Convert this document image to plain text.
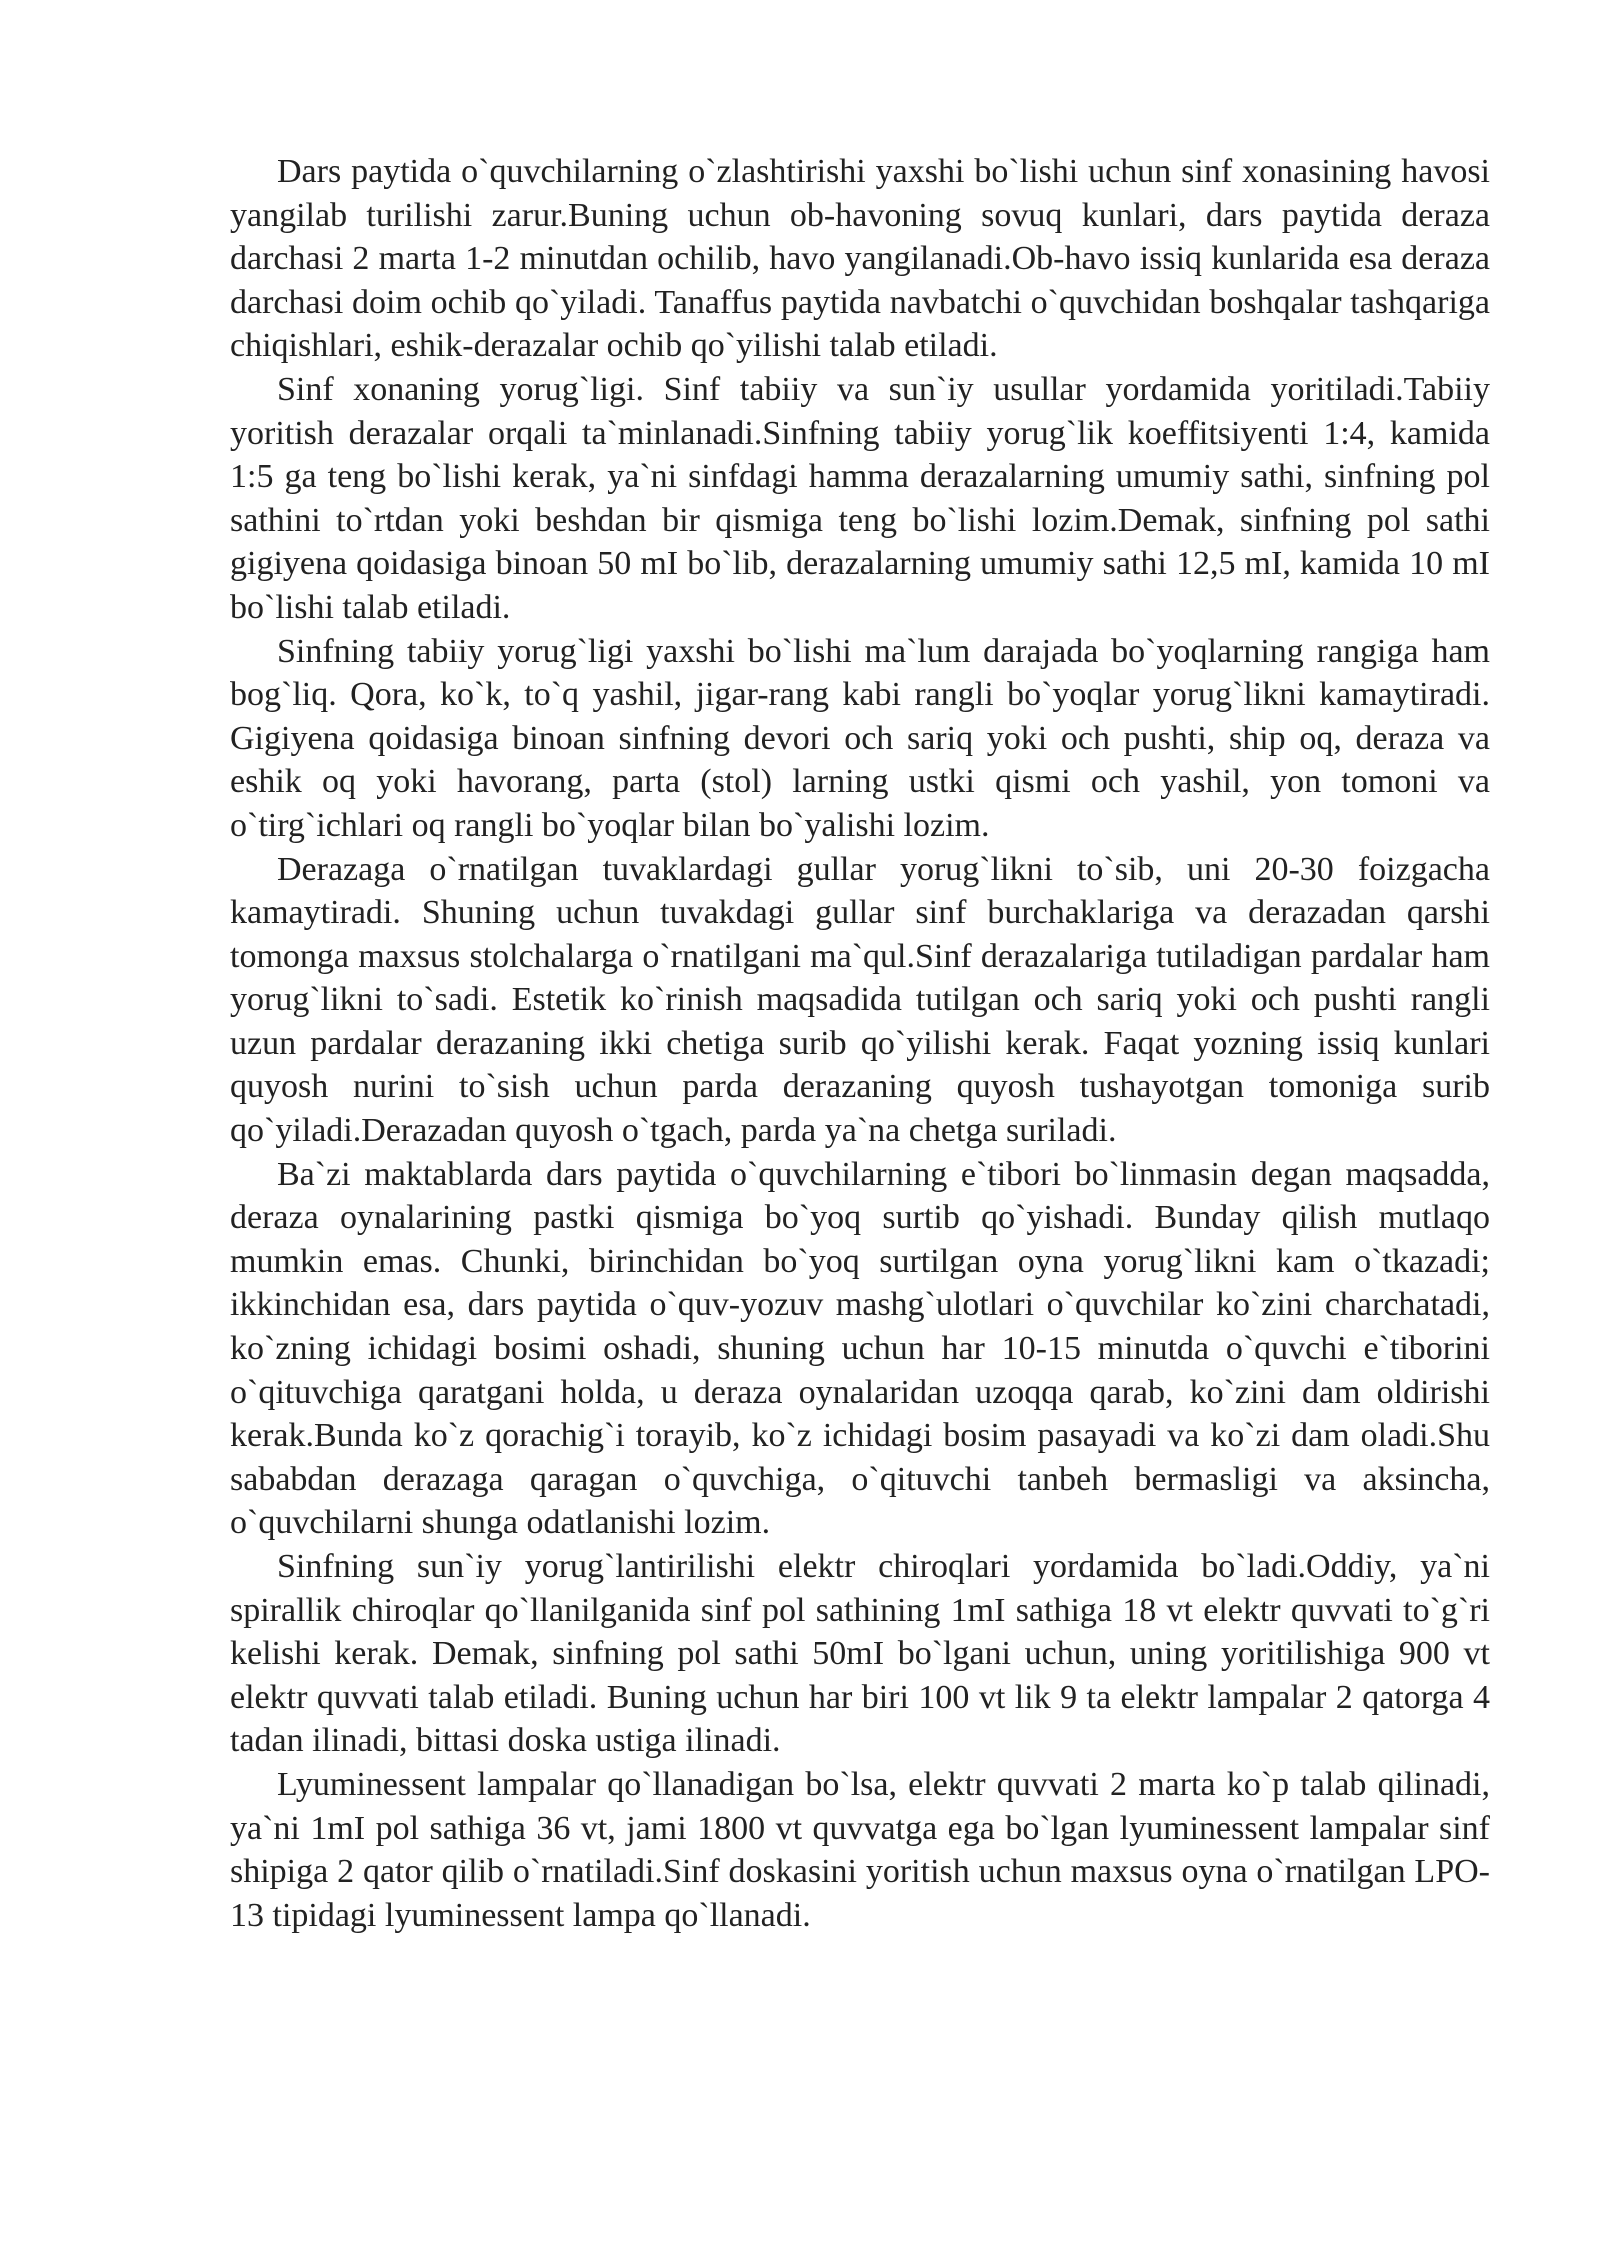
Dars paytida o`quvchilarning o`zlashtirishi yaxshi bo`lishi uchun sinf xonasining havosi yangilab turilishi zarur.Buning uchun ob-havoning sovuq kunlari, dars paytida deraza darchasi 2 marta 1-2 minutdan ochilib, havo yangilanadi.Ob-havo issiq kunlarida esa deraza darchasi doim ochib qo`yiladi. Tanaffus paytida navbatchi o`quvchidan boshqalar tashqariga chiqishlari, eshik-derazalar ochib qo`yilishi talab etiladi.

Sinf xonaning yorug`ligi. Sinf tabiiy va sun`iy usullar yordamida yoritiladi.Tabiiy yoritish derazalar orqali ta`minlanadi.Sinfning tabiiy yorug`lik koeffitsiyenti 1:4, kamida 1:5 ga teng bo`lishi kerak, ya`ni sinfdagi hamma derazalarning umumiy sathi, sinfning pol sathini to`rtdan yoki beshdan bir qismiga teng bo`lishi lozim.Demak, sinfning pol sathi gigiyena qoidasiga binoan 50 mI bo`lib, derazalarning umumiy sathi 12,5 mI, kamida 10 mI bo`lishi talab etiladi.

Sinfning tabiiy yorug`ligi yaxshi bo`lishi ma`lum darajada bo`yoqlarning rangiga ham bog`liq. Qora, ko`k, to`q yashil, jigar-rang kabi rangli bo`yoqlar yorug`likni kamaytiradi. Gigiyena qoidasiga binoan sinfning devori och sariq yoki och pushti, ship oq, deraza va eshik oq yoki havorang, parta (stol) larning ustki qismi och yashil, yon tomoni va o`tirg`ichlari oq rangli bo`yoqlar bilan bo`yalishi lozim.

Derazaga o`rnatilgan tuvaklardagi gullar yorug`likni to`sib, uni 20-30 foizgacha kamaytiradi. Shuning uchun tuvakdagi gullar sinf burchaklariga va derazadan qarshi tomonga maxsus stolchalarga o`rnatilgani ma`qul.Sinf derazalariga tutiladigan pardalar ham yorug`likni to`sadi. Estetik ko`rinish maqsadida tutilgan och sariq yoki och pushti rangli uzun pardalar derazaning ikki chetiga surib qo`yilishi kerak. Faqat yozning issiq kunlari quyosh nurini to`sish uchun parda derazaning quyosh tushayotgan tomoniga surib qo`yiladi.Derazadan quyosh o`tgach, parda ya`na chetga suriladi.

Ba`zi maktablarda dars paytida o`quvchilarning e`tibori bo`linmasin degan maqsadda, deraza oynalarining pastki qismiga bo`yoq surtib qo`yishadi. Bunday qilish mutlaqo mumkin emas. Chunki, birinchidan bo`yoq surtilgan oyna yorug`likni kam o`tkazadi; ikkinchidan esa, dars paytida o`quv-yozuv mashg`ulotlari o`quvchilar ko`zini charchatadi, ko`zning ichidagi bosimi oshadi, shuning uchun har 10-15 minutda o`quvchi e`tiborini o`qituvchiga qaratgani holda, u deraza oynalaridan uzoqqa qarab, ko`zini dam oldirishi kerak.Bunda ko`z qorachig`i torayib, ko`z ichidagi bosim pasayadi va ko`zi dam oladi.Shu sababdan derazaga qaragan o`quvchiga, o`qituvchi tanbeh bermasligi va aksincha, o`quvchilarni shunga odatlanishi lozim.

Sinfning sun`iy yorug`lantirilishi elektr chiroqlari yordamida bo`ladi.Oddiy, ya`ni spirallik chiroqlar qo`llanilganida sinf pol sathining 1mI sathiga 18 vt elektr quvvati to`g`ri kelishi kerak. Demak, sinfning pol sathi 50mI bo`lgani uchun, uning yoritilishiga 900 vt elektr quvvati talab etiladi. Buning uchun har biri 100 vt lik 9 ta elektr lampalar 2 qatorga 4 tadan ilinadi, bittasi doska ustiga ilinadi.

Lyuminessent lampalar qo`llanadigan bo`lsa, elektr quvvati 2 marta ko`p talab qilinadi, ya`ni 1mI pol sathiga 36 vt, jami 1800 vt quvvatga ega bo`lgan lyuminessent lampalar sinf shipiga 2 qator qilib o`rnatiladi.Sinf doskasini yoritish uchun maxsus oyna o`rnatilgan LPO-13 tipidagi lyuminessent lampa qo`llanadi.
